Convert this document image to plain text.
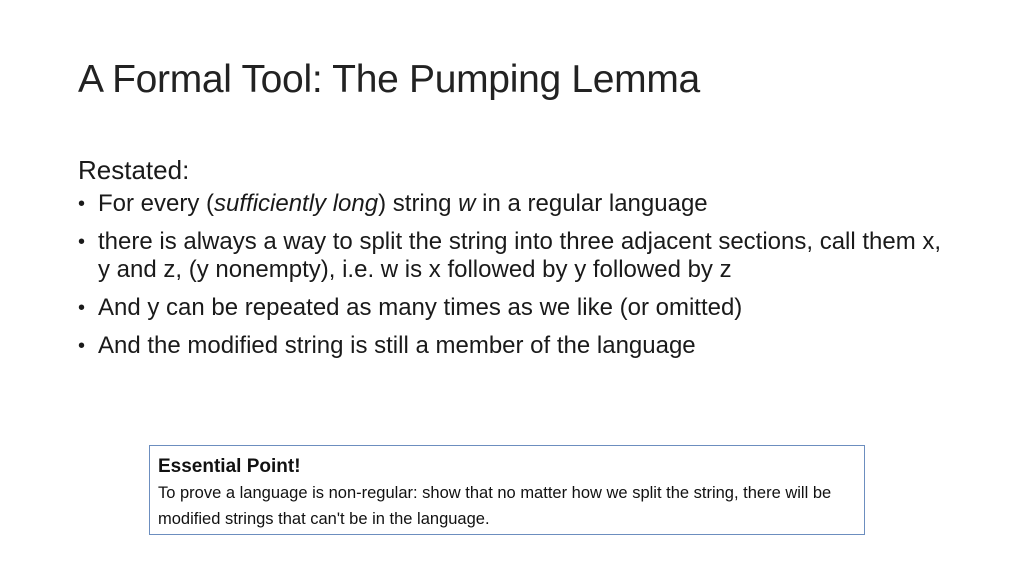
A Formal Tool: The Pumping Lemma

Restated:

• For every (sufficiently long) string w in a regular language
• there is always a way to split the string into three adjacent sections, call them x, y and z, (y nonempty), i.e. w is x followed by y followed by z
• And y can be repeated as many times as we like (or omitted)
• And the modified string is still a member of the language
Essential Point!
To prove a language is non-regular: show that no matter how we split the string, there will be modified strings that can't be in the language.
